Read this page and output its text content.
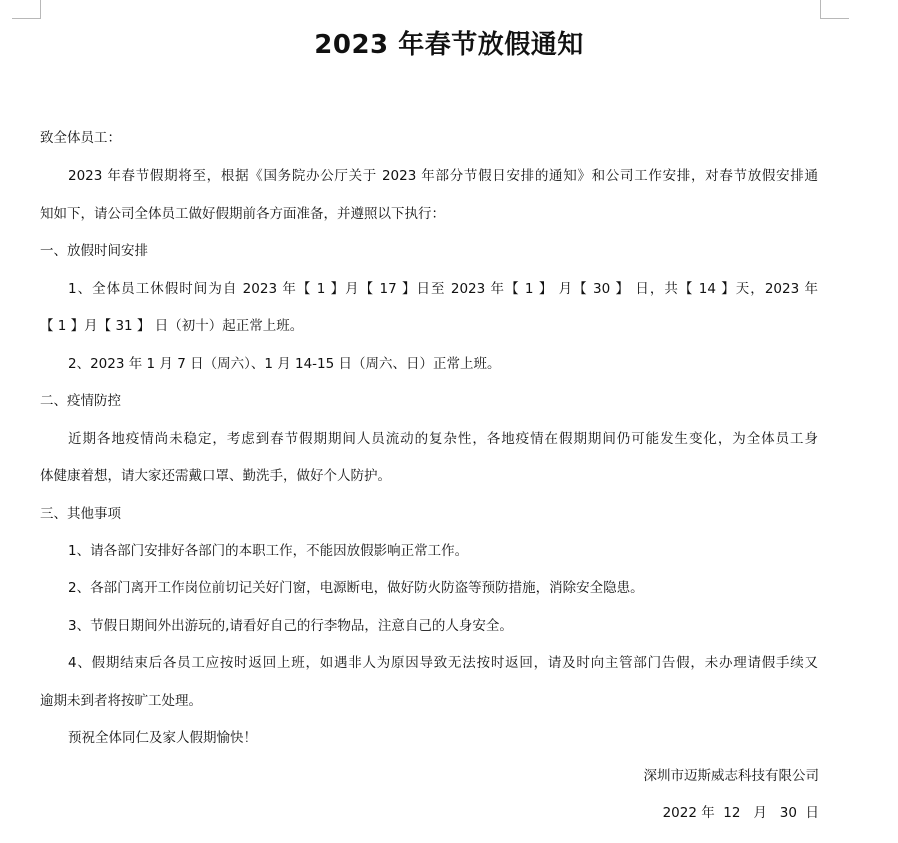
2023 年春节放假通知
致全体员工：
2023 年春节假期将至，根据《国务院办公厅关于 2023 年部分节假日安排的通知》和公司工作安排，对春节放假安排通
知如下，请公司全体员工做好假期前各方面准备，并遵照以下执行：
一、放假时间安排
1、全体员工休假时间为自 2023 年【 1 】月【 17 】日至 2023 年【 1 】 月【 30 】 日，共【 14 】天，2023 年
【 1 】月【 31 】 日（初十）起正常上班。
2、2023 年 1 月 7 日（周六）、1 月 14-15 日（周六、日）正常上班。
二、疫情防控
近期各地疫情尚未稳定，考虑到春节假期期间人员流动的复杂性，各地疫情在假期期间仍可能发生变化，为全体员工身
体健康着想，请大家还需戴口罩、勤洗手，做好个人防护。
三、其他事项
1、请各部门安排好各部门的本职工作，不能因放假影响正常工作。
2、各部门离开工作岗位前切记关好门窗，电源断电，做好防火防盗等预防措施，消除安全隐患。
3、节假日期间外出游玩的,请看好自己的行李物品，注意自己的人身安全。
4、假期结束后各员工应按时返回上班，如遇非人为原因导致无法按时返回，请及时向主管部门告假，未办理请假手续又
逾期未到者将按旷工处理。
预祝全体同仁及家人假期愉快！
深圳市迈斯威志科技有限公司
2022 年  12   月   30  日
